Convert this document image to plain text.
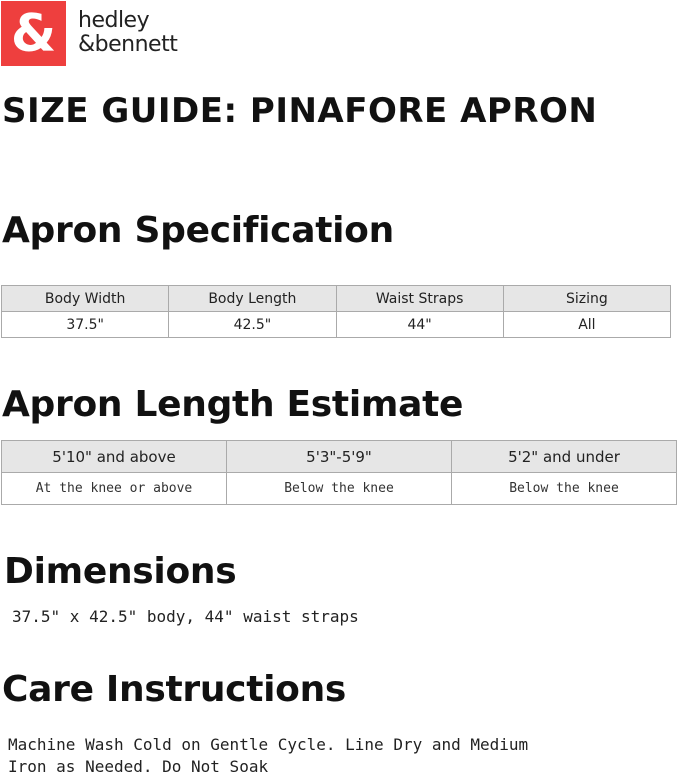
& hedley
&bennett
SIZE GUIDE: PINAFORE APRON
Apron Specification
Body Width	Body Length	Waist Straps	Sizing
37.5"	42.5"	44"	All
Apron Length Estimate
5'10" and above	5'3"-5'9"	5'2" and under
At the knee or above	Below the knee	Below the knee
Dimensions

37.5" x 42.5" body, 44" waist straps

Care Instructions

Machine Wash Cold on Gentle Cycle. Line Dry and Medium
Iron as Needed. Do Not Soak
